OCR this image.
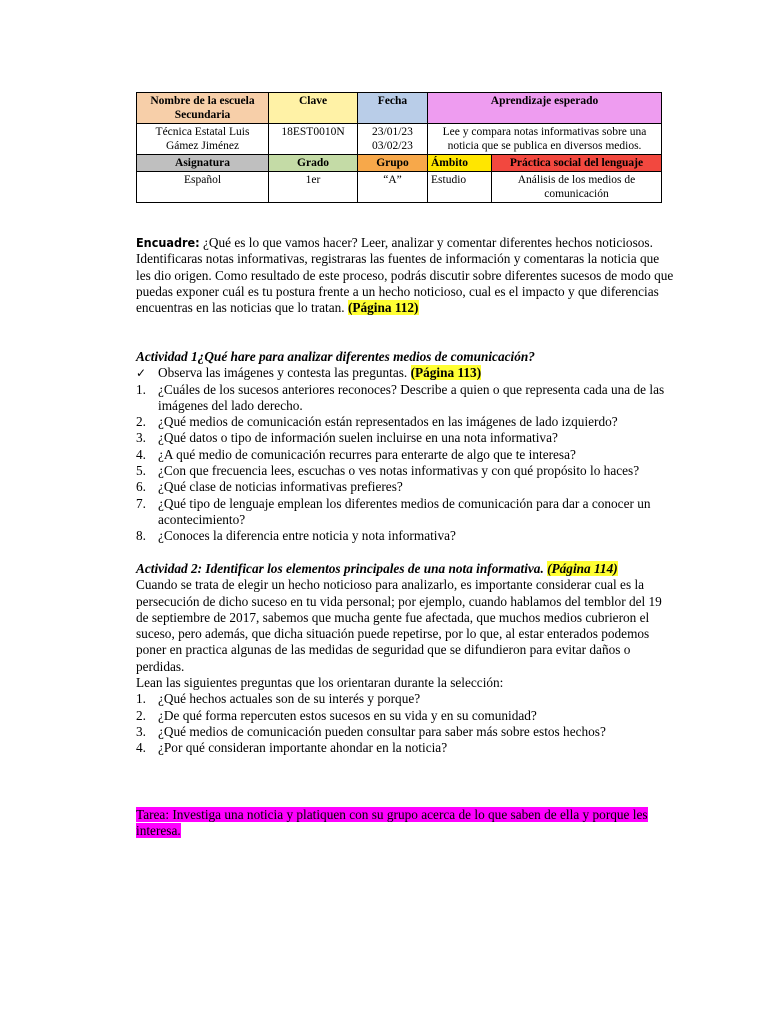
Nombre de la escuela Secundaria	Clave	Fecha	Aprendizaje esperado	
Técnica Estatal Luis Gámez Jiménez	18EST0010N	23/01/23 03/02/23	Lee y compara notas informativas sobre una noticia que se publica en diversos medios.	
Asignatura	Grado	Grupo	Ámbito	Práctica social del lenguaje
Español	1er	“A”	Estudio	Análisis de los medios de comunicación
Encuadre: ¿Qué es lo que vamos hacer? Leer, analizar y comentar diferentes hechos noticiosos. Identificaras notas informativas, registraras las fuentes de información y comentaras la noticia que les dio origen. Como resultado de este proceso, podrás discutir sobre diferentes sucesos de modo que puedas exponer cuál es tu postura frente a un hecho noticioso, cual es el impacto y que diferencias encuentras en las noticias que lo tratan. (Página 112)
Actividad 1¿Qué hare para analizar diferentes medios de comunicación?
✓ Observa las imágenes y contesta las preguntas. (Página 113)
1. ¿Cuáles de los sucesos anteriores reconoces? Describe a quien o que representa cada una de las imágenes del lado derecho.
2. ¿Qué medios de comunicación están representados en las imágenes de lado izquierdo?
3. ¿Qué datos o tipo de información suelen incluirse en una nota informativa?
4. ¿A qué medio de comunicación recurres para enterarte de algo que te interesa?
5. ¿Con que frecuencia lees, escuchas o ves notas informativas y con qué propósito lo haces?
6. ¿Qué clase de noticias informativas prefieres?
7. ¿Qué tipo de lenguaje emplean los diferentes medios de comunicación para dar a conocer un acontecimiento?
8. ¿Conoces la diferencia entre noticia y nota informativa?
Actividad 2: Identificar los elementos principales de una nota informativa. (Página 114)
Cuando se trata de elegir un hecho noticioso para analizarlo, es importante considerar cual es la persecución de dicho suceso en tu vida personal; por ejemplo, cuando hablamos del temblor del 19 de septiembre de 2017, sabemos que mucha gente fue afectada, que muchos medios cubrieron el suceso, pero además, que dicha situación puede repetirse, por lo que, al estar enterados podemos poner en practica algunas de las medidas de seguridad que se difundieron para evitar daños o perdidas.
Lean las siguientes preguntas que los orientaran durante la selección:
1. ¿Qué hechos actuales son de su interés y porque?
2. ¿De qué forma repercuten estos sucesos en su vida y en su comunidad?
3. ¿Qué medios de comunicación pueden consultar para saber más sobre estos hechos?
4. ¿Por qué consideran importante ahondar en la noticia?
Tarea: Investiga una noticia y platiquen con su grupo acerca de lo que saben de ella y porque les interesa.
